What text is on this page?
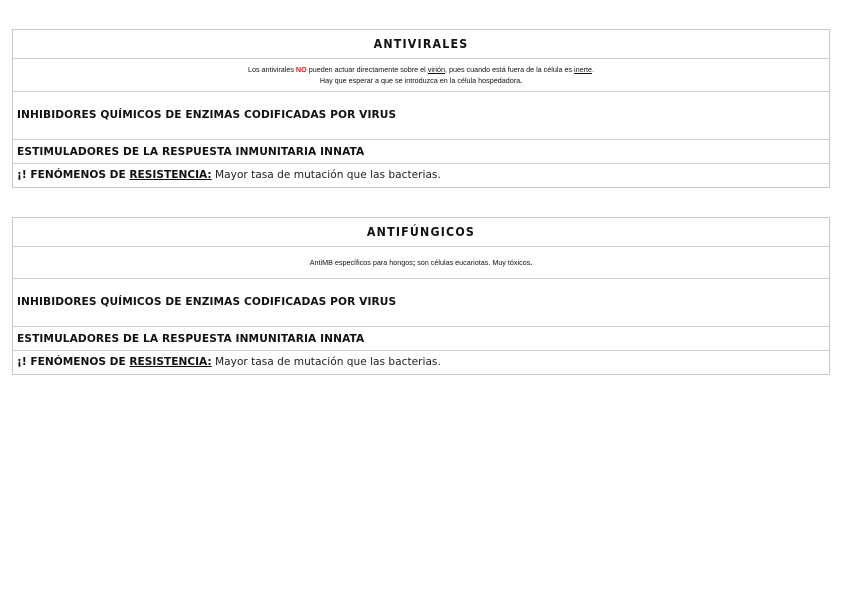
ANTIVIRALES
Los antivirales NO pueden actuar directamente sobre el virión, pues cuando está fuera de la célula es inerte.
Hay que esperar a que se introduzca en la célula hospedadora.
INHIBIDORES QUÍMICOS DE ENZIMAS CODIFICADAS POR VIRUS
ESTIMULADORES DE LA RESPUESTA INMUNITARIA INNATA
¡! FENÓMENOS DE RESISTENCIA: Mayor tasa de mutación que las bacterias.
ANTIFÚNGICOS
AntiMB específicos para hongos; son células eucariotas. Muy tóxicos.
INHIBIDORES QUÍMICOS DE ENZIMAS CODIFICADAS POR VIRUS
ESTIMULADORES DE LA RESPUESTA INMUNITARIA INNATA
¡! FENÓMENOS DE RESISTENCIA: Mayor tasa de mutación que las bacterias.
